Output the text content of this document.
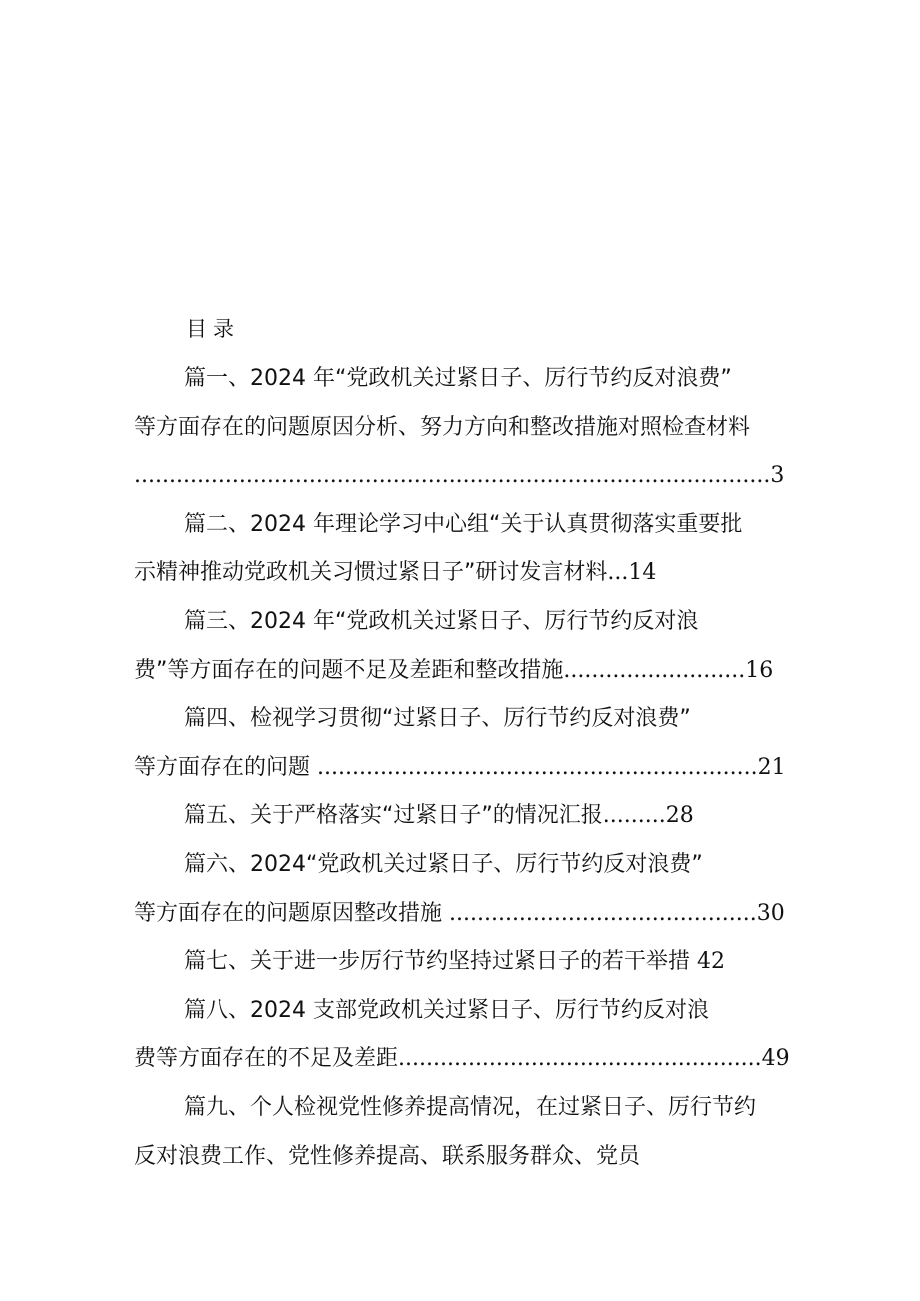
目录
篇一、2024 年“党政机关过紧日子、厉行节约反对浪费”
等方面存在的问题原因分析、努力方向和整改措施对照检查材料
...........................................................................................3
篇二、2024 年理论学习中心组“关于认真贯彻落实重要批
示精神推动党政机关习惯过紧日子”研讨发言材料...14
篇三、2024 年“党政机关过紧日子、厉行节约反对浪
费”等方面存在的问题不足及差距和整改措施..........................16
篇四、检视学习贯彻“过紧日子、厉行节约反对浪费”
等方面存在的问题 ...............................................................21
篇五、关于严格落实“过紧日子”的情况汇报.........28
篇六、2024“党政机关过紧日子、厉行节约反对浪费”
等方面存在的问题原因整改措施 ............................................30
篇七、关于进一步厉行节约坚持过紧日子的若干举措 42
篇八、2024 支部党政机关过紧日子、厉行节约反对浪
费等方面存在的不足及差距....................................................49
篇九、个人检视党性修养提高情况，在过紧日子、厉行节约
反对浪费工作、党性修养提高、联系服务群众、党员
